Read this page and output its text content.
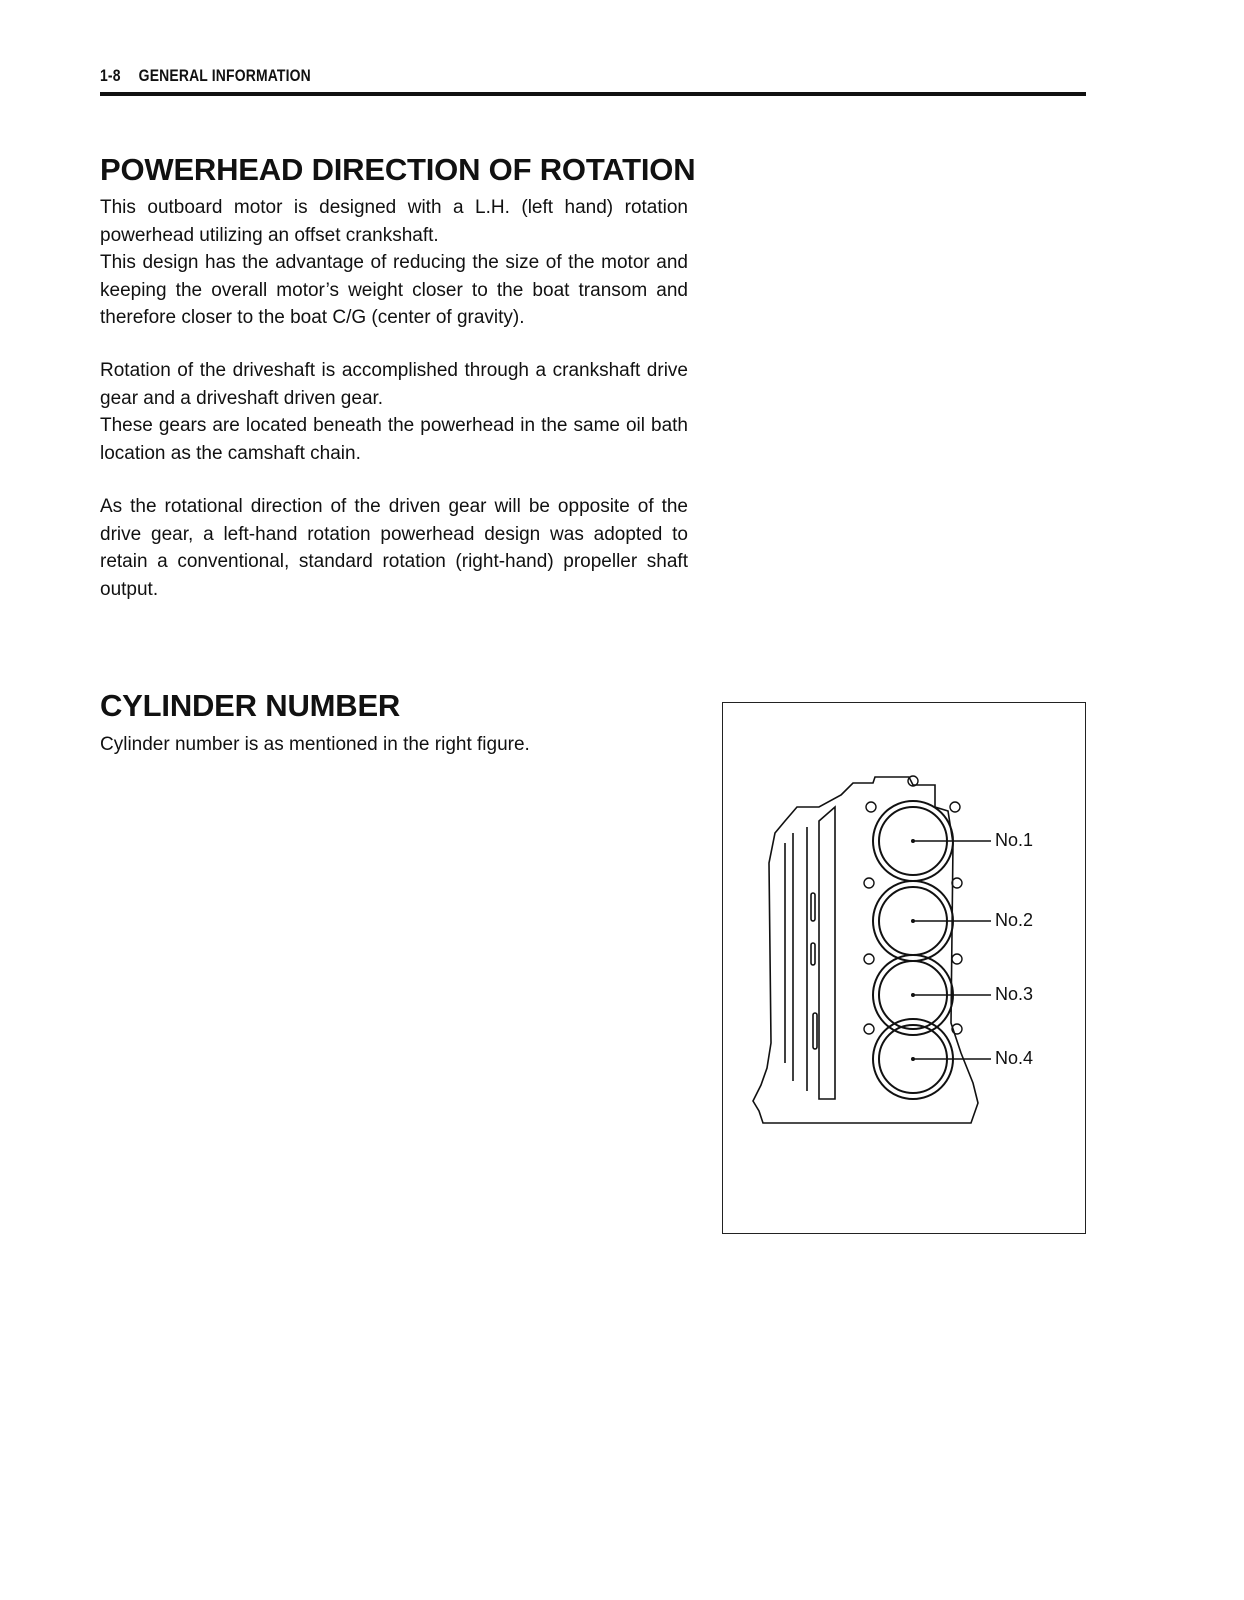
1-8 GENERAL INFORMATION
POWERHEAD DIRECTION OF ROTATION
This outboard motor is designed with a L.H. (left hand) rotation powerhead utilizing an offset crankshaft.
This design has the advantage of reducing the size of the motor and keeping the overall motor’s weight closer to the boat transom and therefore closer to the boat C/G (center of gravity).
Rotation of the driveshaft is accomplished through a crankshaft drive gear and a driveshaft driven gear.
These gears are located beneath the powerhead in the same oil bath location as the camshaft chain.
As the rotational direction of the driven gear will be opposite of the drive gear, a left-hand rotation powerhead design was adopted to retain a conventional, standard rotation (right-hand) propeller shaft output.
CYLINDER NUMBER
Cylinder number is as mentioned in the right figure.
No.1
No.2
No.3
No.4
